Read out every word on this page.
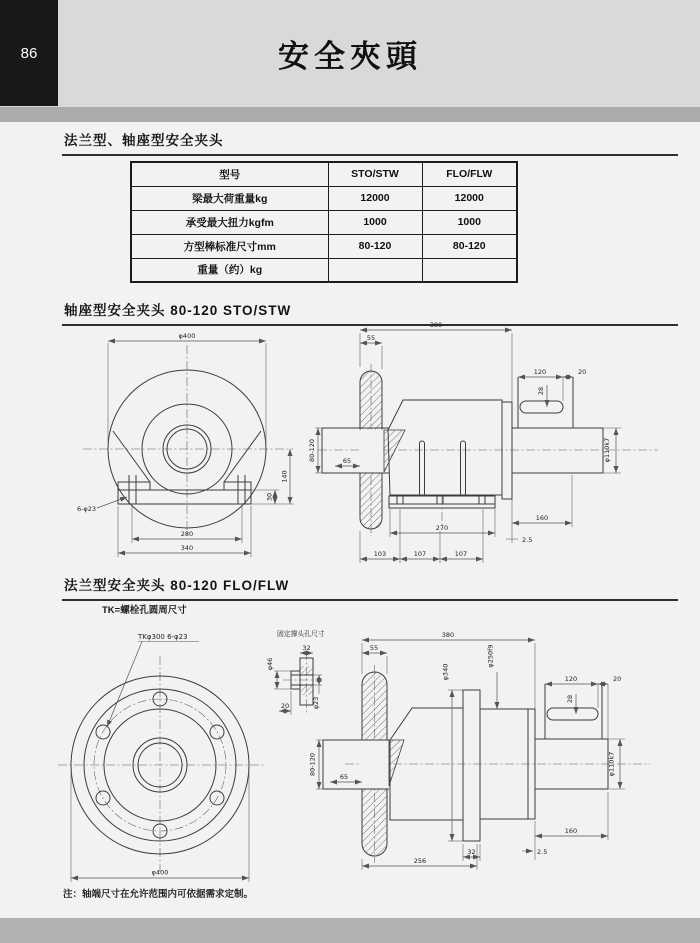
86	安全夾頭
法兰型、轴座型安全夹头
型号	STO/STW	FLO/FLW
梁最大荷重量kg	12000	12000
承受最大扭力kgfm	1000	1000
方型棒标准尺寸mm	80-120	80-120
重量（约）kg		
轴座型安全夹头 80-120 STO/STW
φ400
280
340
140
30
6-φ23
380
55
120	20
28
80-120	65	φ110k7
160
2.5
270
103	107	107
法兰型安全夹头 80-120 FLO/FLW
TK=螺栓孔圆周尺寸
TKφ300 6-φ23
φ400
固定撑头孔尺寸
32
φ46
φ23
20
380
55
φ340
φ250f9
120	20
28
80-120
65
φ110k7
160
2.5
256
32
注：轴端尺寸在允许范围内可依据需求定制。
